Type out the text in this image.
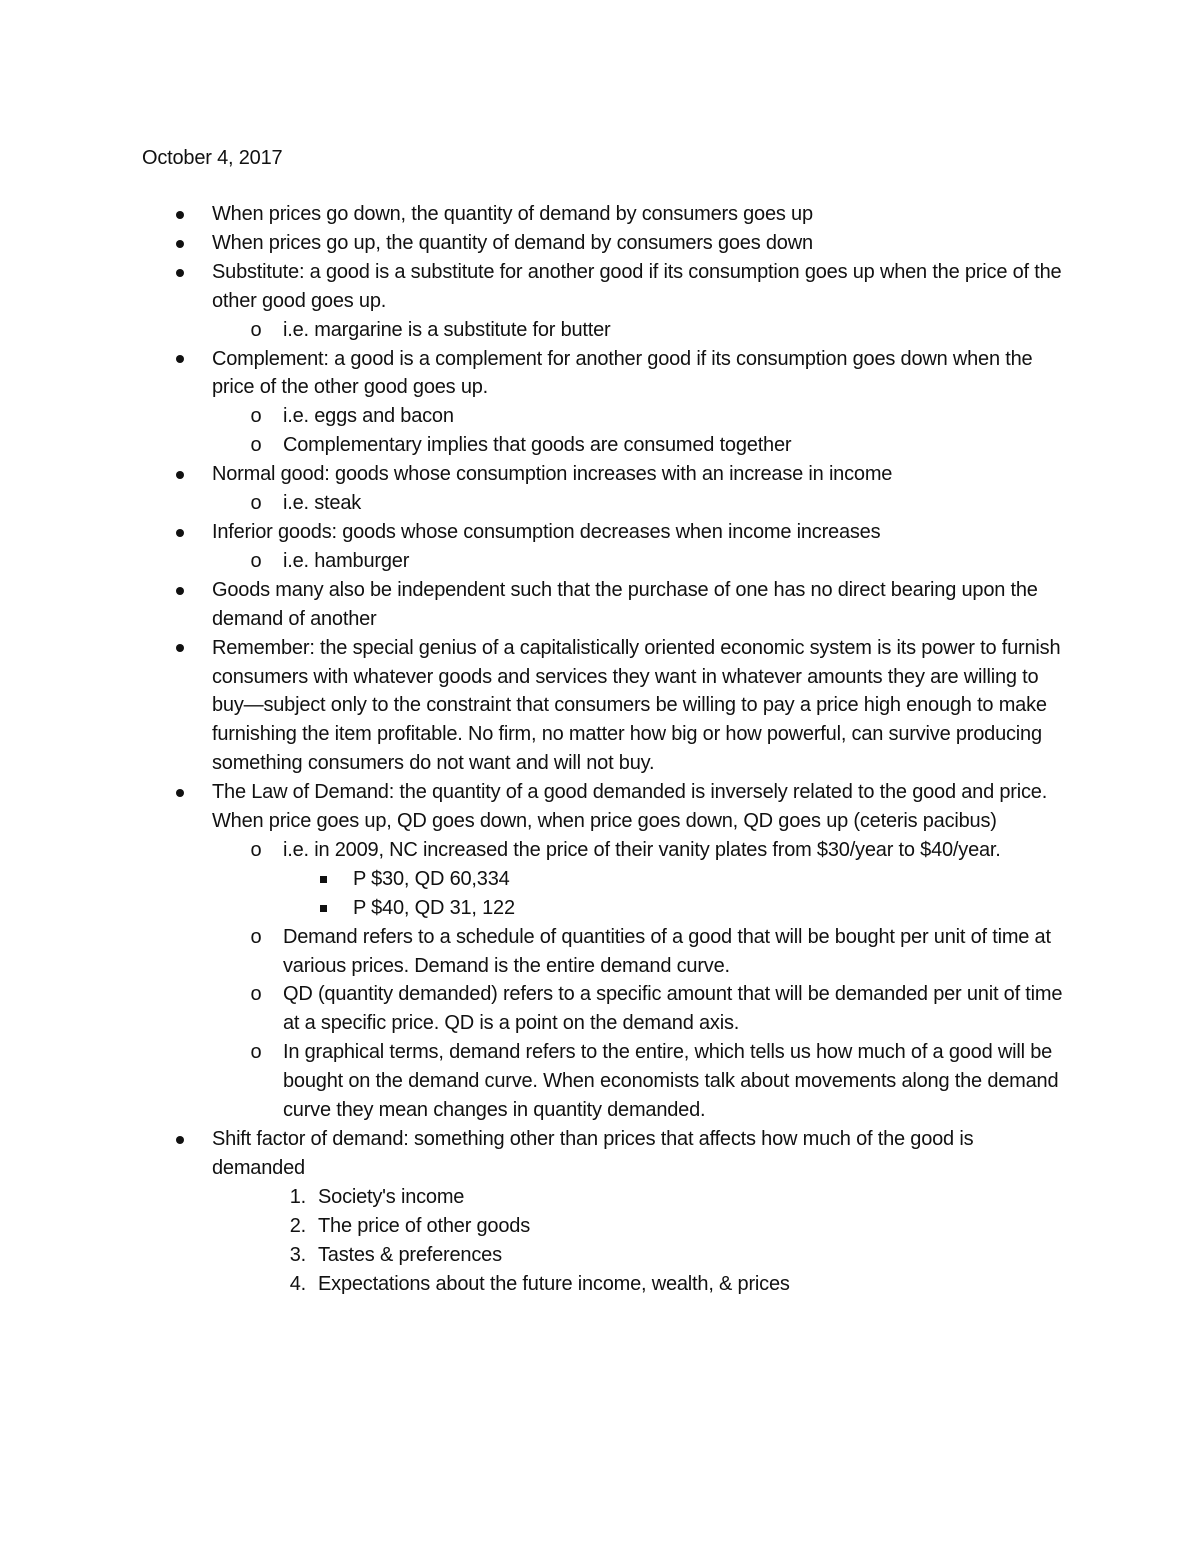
October 4, 2017

When prices go down, the quantity of demand by consumers goes up
When prices go up, the quantity of demand by consumers goes down
Substitute: a good is a substitute for another good if its consumption goes up when the price of the other good goes up.
o	i.e. margarine is a substitute for butter
Complement: a good is a complement for another good if its consumption goes down when the price of the other good goes up.
o	i.e. eggs and bacon
o	Complementary implies that goods are consumed together
Normal good: goods whose consumption increases with an increase in income
o	i.e. steak
Inferior goods: goods whose consumption decreases when income increases
o	i.e. hamburger
Goods many also be independent such that the purchase of one has no direct bearing upon the demand of another
Remember: the special genius of a capitalistically oriented economic system is its power to furnish consumers with whatever goods and services they want in whatever amounts they are willing to buy—subject only to the constraint that consumers be willing to pay a price high enough to make furnishing the item profitable. No firm, no matter how big or how powerful, can survive producing something consumers do not want and will not buy.
The Law of Demand: the quantity of a good demanded is inversely related to the good and price. When price goes up, QD goes down, when price goes down, QD goes up (ceteris pacibus)
o	i.e. in 2009, NC increased the price of their vanity plates from $30/year to $40/year.
P $30, QD 60,334
P $40, QD 31, 122
o	Demand refers to a schedule of quantities of a good that will be bought per unit of time at various prices. Demand is the entire demand curve.
o	QD (quantity demanded) refers to a specific amount that will be demanded per unit of time at a specific price. QD is a point on the demand axis.
o	In graphical terms, demand refers to the entire, which tells us how much of a good will be bought on the demand curve. When economists talk about movements along the demand curve they mean changes in quantity demanded.
Shift factor of demand: something other than prices that affects how much of the good is demanded
1. Society's income
2. The price of other goods
3. Tastes & preferences
4. Expectations about the future income, wealth, & prices
